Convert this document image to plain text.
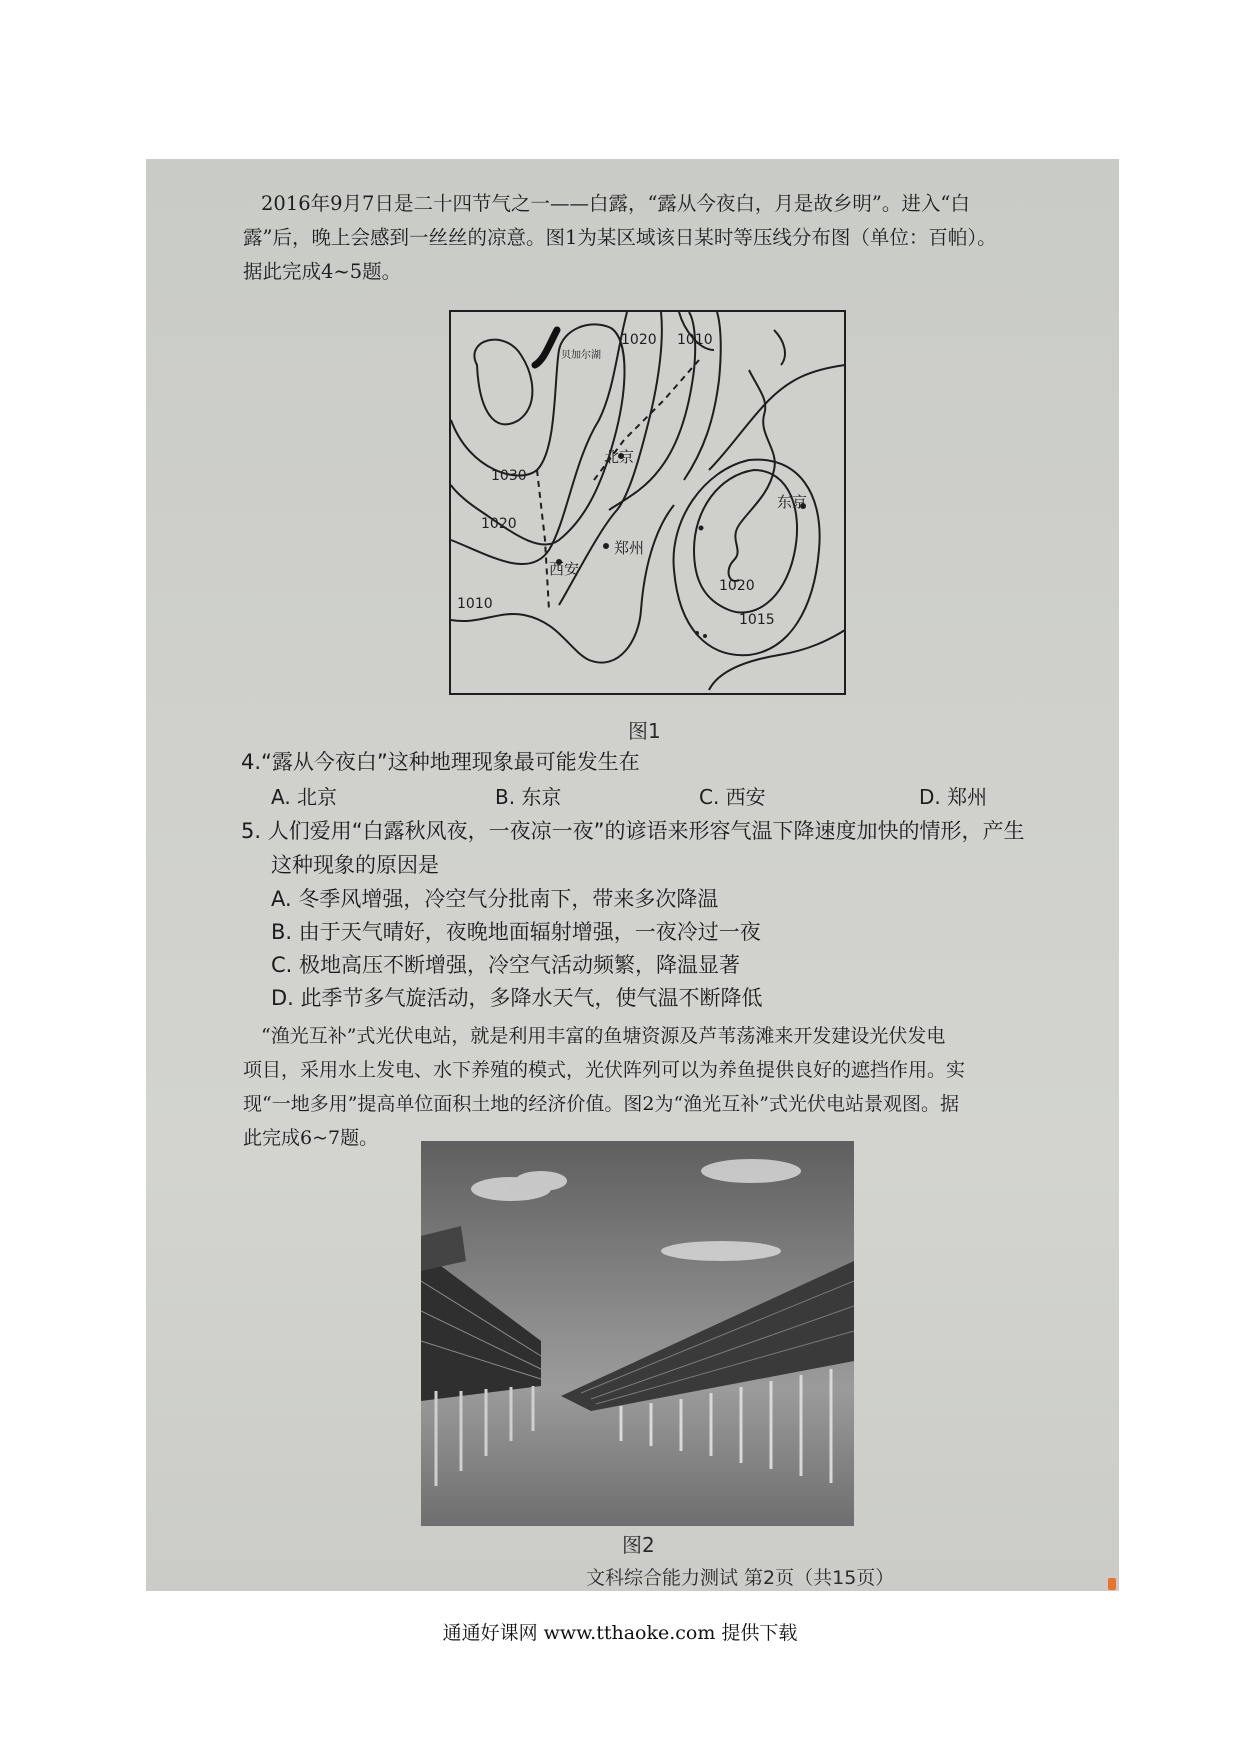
2016年9月7日是二十四节气之一——白露，“露从今夜白，月是故乡明”。进入“白

露”后，晚上会感到一丝丝的凉意。图1为某区域该日某时等压线分布图（单位：百帕）。

据此完成4~5题。

贝加尔湖
1020 1010
1030
1020
1010
1020
1015
北京
东京
西安
郑州
图1
4.“露从今夜白”这种地理现象最可能发生在
A. 北京	B. 东京	C. 西安	D. 郑州
5. 人们爱用“白露秋风夜，一夜凉一夜”的谚语来形容气温下降速度加快的情形，产生
这种现象的原因是
A. 冬季风增强，冷空气分批南下，带来多次降温
B. 由于天气晴好，夜晚地面辐射增强，一夜冷过一夜
C. 极地高压不断增强，冷空气活动频繁，降温显著
D. 此季节多气旋活动，多降水天气，使气温不断降低

“渔光互补”式光伏电站，就是利用丰富的鱼塘资源及芦苇荡滩来开发建设光伏发电

项目，采用水上发电、水下养殖的模式，光伏阵列可以为养鱼提供良好的遮挡作用。实

现“一地多用”提高单位面积土地的经济价值。图2为“渔光互补”式光伏电站景观图。据

此完成6~7题。

图2
文科综合能力测试 第2页（共15页）
通通好课网 www.tthaoke.com 提供下载
